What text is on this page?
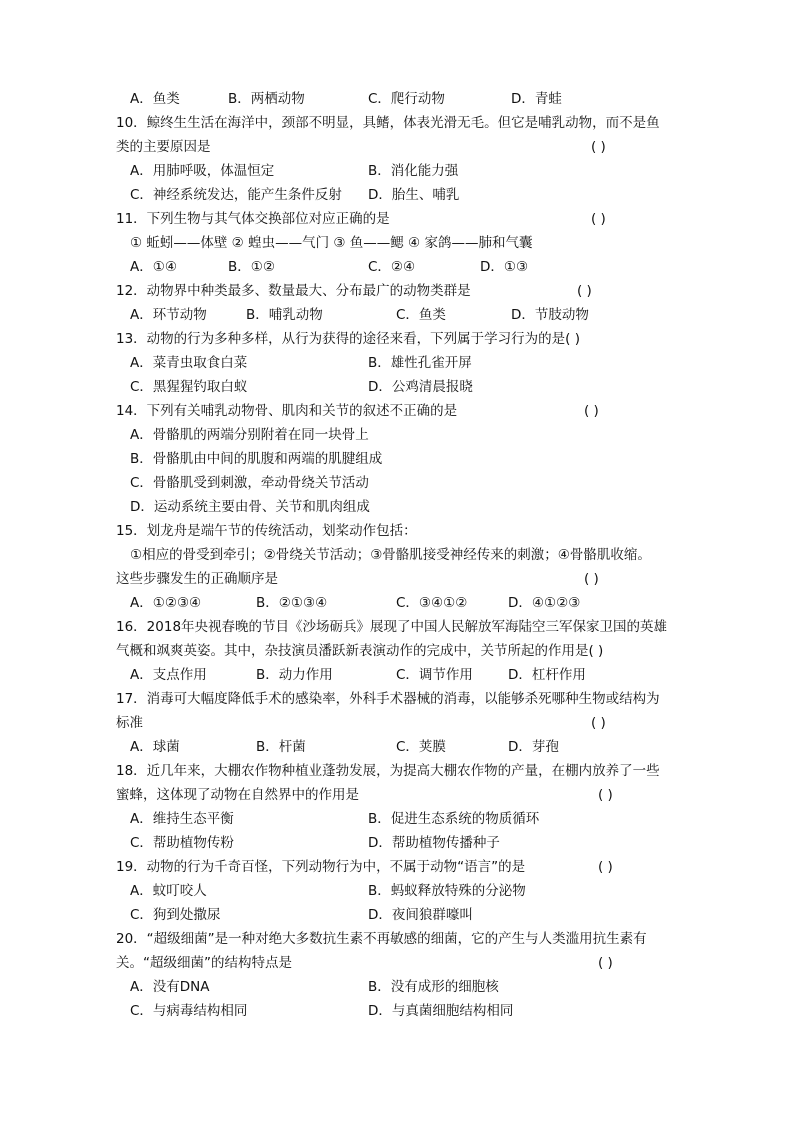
A．鱼类	B．两栖动物	C．爬行动物	D．青蛙
10．鲸终生生活在海洋中，颈部不明显，具鳍，体表光滑无毛。但它是哺乳动物，而不是鱼
类的主要原因是	( )
A．用肺呼吸，体温恒定	B．消化能力强
C．神经系统发达，能产生条件反射 D．胎生、哺乳
11．下列生物与其气体交换部位对应正确的是	( )
① 蚯蚓——体壁 ② 蝗虫——气门 ③ 鱼——鳃 ④ 家鸽——肺和气囊
A．①④	B．①②	C．②④	D．①③
12．动物界中种类最多、数量最大、分布最广的动物类群是	( )
A．环节动物	B．哺乳动物	C．鱼类	D．节肢动物
13．动物的行为多种多样，从行为获得的途径来看，下列属于学习行为的是( )
A．菜青虫取食白菜	B．雄性孔雀开屏
C．黑猩猩钓取白蚁	D．公鸡清晨报晓
14．下列有关哺乳动物骨、肌肉和关节的叙述不正确的是	( )
A．骨骼肌的两端分别附着在同一块骨上
B．骨骼肌由中间的肌腹和两端的肌腱组成
C．骨骼肌受到刺激，牵动骨绕关节活动
D．运动系统主要由骨、关节和肌肉组成
15．划龙舟是端午节的传统活动，划桨动作包括：
①相应的骨受到牵引；②骨绕关节活动；③骨骼肌接受神经传来的刺激；④骨骼肌收缩。
这些步骤发生的正确顺序是	( )
A．①②③④	B．②①③④	C．③④①②	D．④①②③
16．2018年央视春晚的节目《沙场砺兵》展现了中国人民解放军海陆空三军保家卫国的英雄
气概和飒爽英姿。其中，杂技演员潘跃新表演动作的完成中，关节所起的作用是( )
A．支点作用	B．动力作用	C．调节作用	D．杠杆作用
17．消毒可大幅度降低手术的感染率，外科手术器械的消毒，以能够杀死哪种生物或结构为
标准	( )
A．球菌	B．杆菌	C．荚膜	D．芽孢
18．近几年来，大棚农作物种植业蓬勃发展，为提高大棚农作物的产量，在棚内放养了一些
蜜蜂，这体现了动物在自然界中的作用是	( )
A．维持生态平衡	B．促进生态系统的物质循环
C．帮助植物传粉	D．帮助植物传播种子
19．动物的行为千奇百怪，下列动物行为中，不属于动物“语言”的是	( )
A．蚊叮咬人	B．蚂蚁释放特殊的分泌物
C．狗到处撒尿	D．夜间狼群嚎叫
20．“超级细菌”是一种对绝大多数抗生素不再敏感的细菌，它的产生与人类滥用抗生素有
关。“超级细菌”的结构特点是	( )
A．没有DNA	B．没有成形的细胞核
C．与病毒结构相同	D．与真菌细胞结构相同
